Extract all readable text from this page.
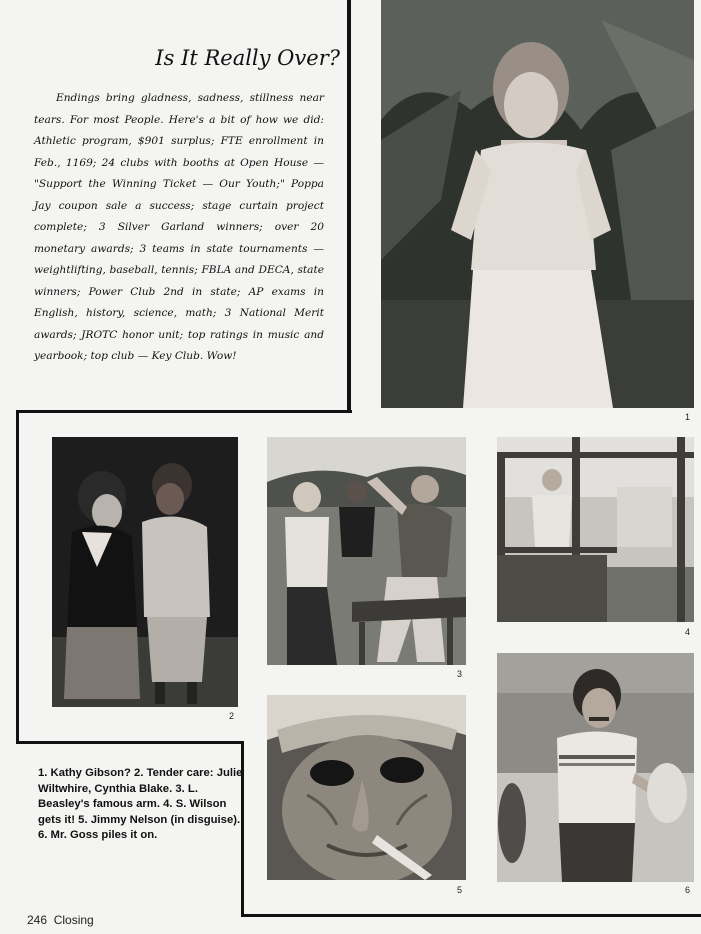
Is It Really Over?
Endings bring gladness, sadness, stillness near tears. For most People. Here's a bit of how we did: Athletic program, $901 surplus; FTE enrollment in Feb., 1169; 24 clubs with booths at Open House — "Support the Winning Ticket — Our Youth;" Poppa Jay coupon sale a success; stage curtain project complete; 3 Silver Garland winners; over 20 monetary awards; 3 teams in state tournaments — weightlifting, baseball, tennis; FBLA and DECA, state winners; Power Club 2nd in state; AP exams in English, history, science, math; 3 National Merit awards; JROTC honor unit; top ratings in music and yearbook; top club — Key Club. Wow!
1
2
3
4
5	6
1. Kathy Gibson? 2. Tender care: Julie Wiltwhire, Cynthia Blake. 3. L. Beasley's famous arm. 4. S. Wilson gets it! 5. Jimmy Nelson (in disguise). 6. Mr. Goss piles it on.
246  Closing
